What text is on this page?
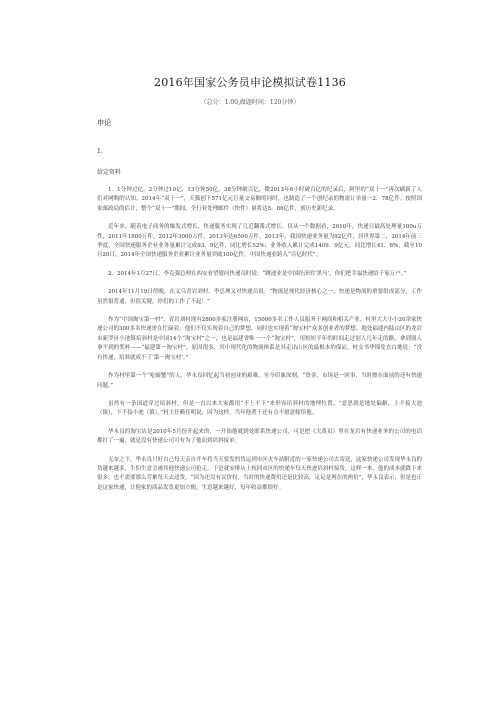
2016年国家公务员申论模拟试卷1136
（总分：1.00,做题时间：120分钟）
申论
1.
给定资料

1．1分钟过亿，2分钟过10亿，13分钟50亿，38分钟破百亿，微2013年6小时破百亿的纪录后，阿里的“双十一”再次刷新了人们对网购的认知。2014年“双十一”，天猫创下571亿元巨量交易额的同时，也制造了一个创纪录的物流订单量一2．78亿件。按照国家邮政局的估计，整个“双十一”期间，全行业处理邮件（快件）量将达5．86亿件，创历史新纪录。

近年来，随着电子商务的爆发式增长，快递服务实现了几近翻番式增长。仅从一个数据看，2010年，快递日最高处理量100u万件，2011年1800万件，2012年3000万件，2013年达6500万件，2013年，我国快递业务量为92亿件，居世界第二，2014年前三季度，全国快递服务企业业务量累计完成93．9亿件，同比增长52%；业务收入累计完成1409．9亿元，同比增长41．6%，截至10月20日，2014年全国快递服务企业累计业务量突破100亿件，中国快递业跨入“百亿时代”。

2．2014年1月27日，李克强总理在西安看望慰问快递员时说：“跳递业是中国经济的‘黑马’，你们把幸福快递给千家万户。”

2014年11月19日傍晚，在义乌青岩刘村，李总理又对快递员说：“物流是现代经济核心之一，快递是物流的重要组成部分，工作虽然很普通，但很关键，你们的工作了不起！”

作为“中国淘宝第一村”，青岩刘村现有2800多家注册网店，15000多名工作人员服务于网商和相关产业，村里大大小小20余家快递公司的300多名快递哥在忙碌着，他们不仅实现着自己的梦想，同时也实现着“淘宝村”众多创业者的梦想。地处福建内陆山区的龙岩市新罗区小池镇培斜村是中国14个“淘宝村”之一，也是福建省唯一一个“淘宝村”，用短短半年的时间走过别人几年走的路，拿到别人拿不到的奖杯——“福建第一淘宝村”，原因很多，其中现代化的物流体系是其走出山区的最根本的保证，村支书华锦免直白地说：“没有快递，培斜就成不了‘第一淘宝村’。”

作为村里第一个“吃螃蟹”的人，华永良回忆起当初创业的艰难，至今印象深刻。“资金、市场是一回事，当时擦在面前的还有快递问题。”

虽然有一条国道穿过培斜村，但是一直以来大家都用“不上不下”来形容培斜村的地理位置。“意思就是地处偏僻，上不接大池（镇），下不接小池（镇）。”村主任赖佳明说，因为这样，当年他著于还有点不愿意嫁给他。

华永良的淘宝店是2010年5月份开起来的，一开始他就到处联系快递公司，可是把《大黄页》里在龙岩有快递业务的公司的电话都打了一遍，就是没有快递公司可有为了他而到培斜接单。

无奈之下，华永良只好自己每天亲自开车将当天要发的货运到市区火车站附近的一家快递公司去寄送，这家快递公司发现华永良的货越来越多，生怕生意会被其他快递公司抢走，于是就安排从上杭回市区的快递车每天快进培斜村接货。这样一来，他的成本就降下来很多，也不需要那么劳累每天去送货。“因为还没有议价权，当时的快递费用还是比较高，足足是现在的两倍”，华永良表示，但是也正是这家快递，让他家的商品发货更加方便，生意越来越好，每年收益都很好。
